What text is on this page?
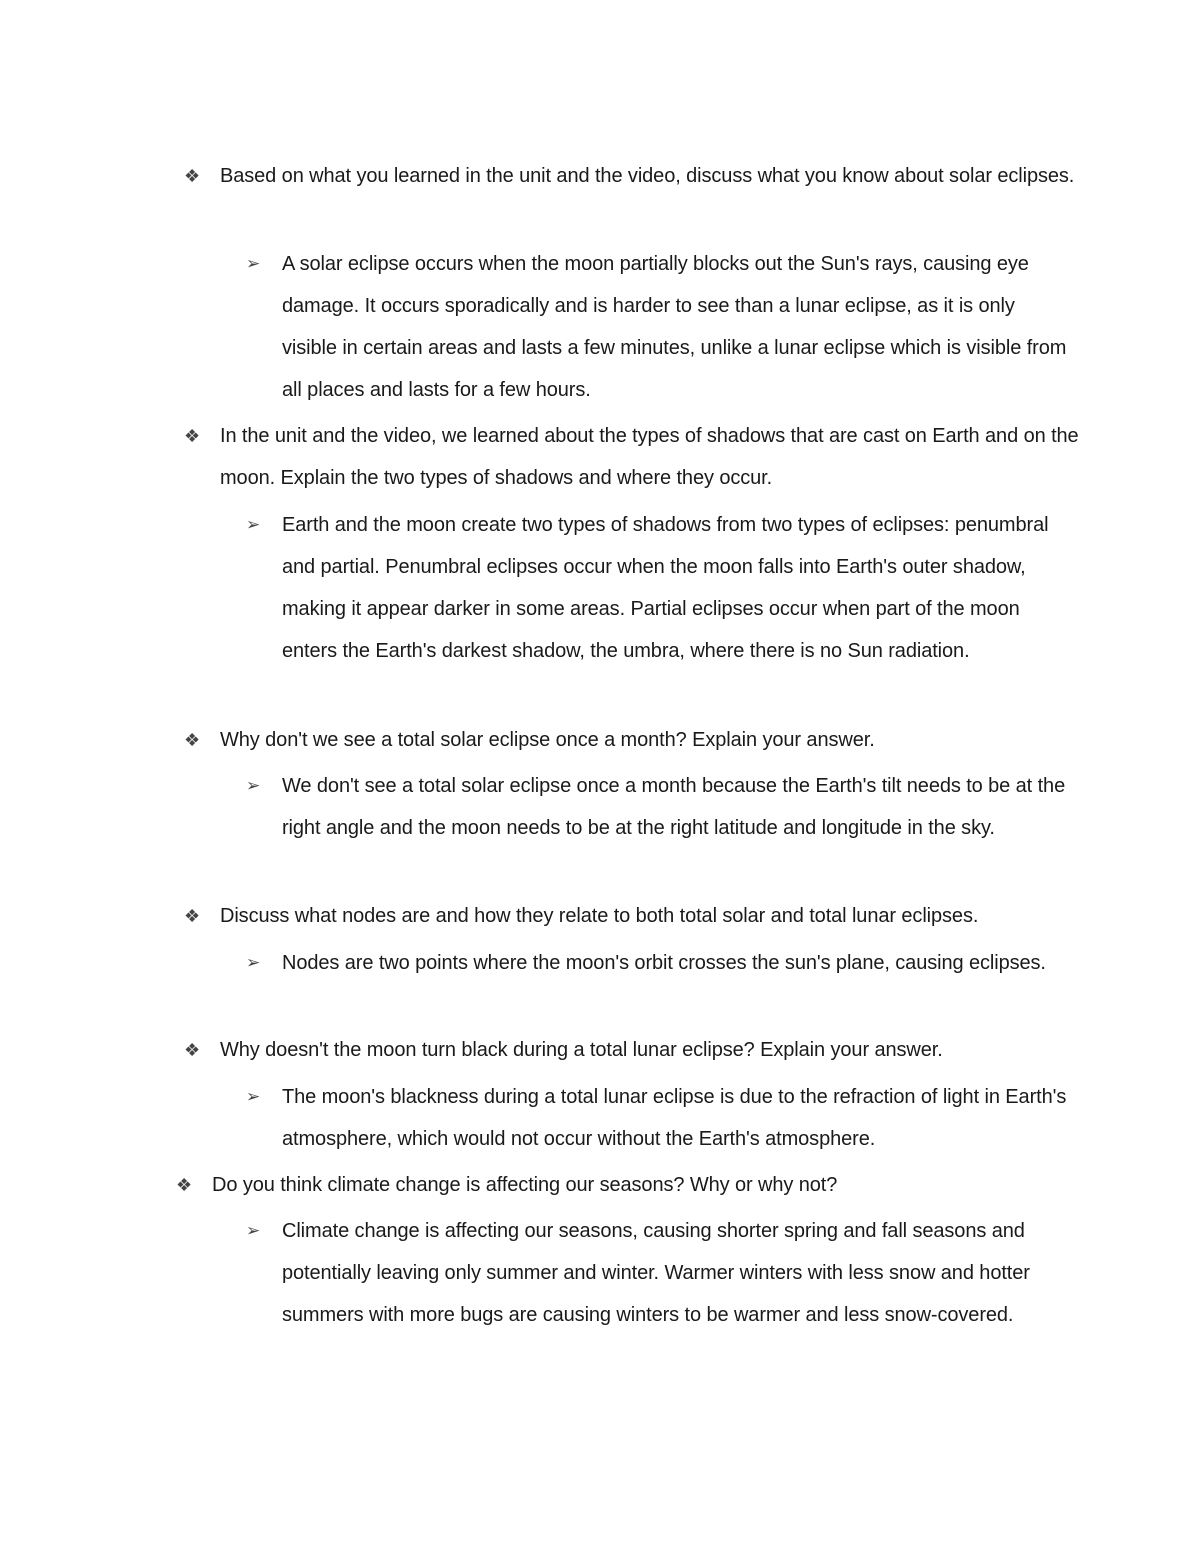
❖ Based on what you learned in the unit and the video, discuss what you know about solar eclipses.
➢ A solar eclipse occurs when the moon partially blocks out the Sun's rays, causing eye damage. It occurs sporadically and is harder to see than a lunar eclipse, as it is only visible in certain areas and lasts a few minutes, unlike a lunar eclipse which is visible from all places and lasts for a few hours.
❖ In the unit and the video, we learned about the types of shadows that are cast on Earth and on the moon. Explain the two types of shadows and where they occur.
➢ Earth and the moon create two types of shadows from two types of eclipses: penumbral and partial. Penumbral eclipses occur when the moon falls into Earth's outer shadow, making it appear darker in some areas. Partial eclipses occur when part of the moon enters the Earth's darkest shadow, the umbra, where there is no Sun radiation.
❖ Why don't we see a total solar eclipse once a month? Explain your answer.
➢ We don't see a total solar eclipse once a month because the Earth's tilt needs to be at the right angle and the moon needs to be at the right latitude and longitude in the sky.
❖ Discuss what nodes are and how they relate to both total solar and total lunar eclipses.
➢ Nodes are two points where the moon's orbit crosses the sun's plane, causing eclipses.
❖ Why doesn't the moon turn black during a total lunar eclipse? Explain your answer.
➢ The moon's blackness during a total lunar eclipse is due to the refraction of light in Earth's atmosphere, which would not occur without the Earth's atmosphere.
❖ Do you think climate change is affecting our seasons? Why or why not?
➢ Climate change is affecting our seasons, causing shorter spring and fall seasons and potentially leaving only summer and winter. Warmer winters with less snow and hotter summers with more bugs are causing winters to be warmer and less snow-covered.
